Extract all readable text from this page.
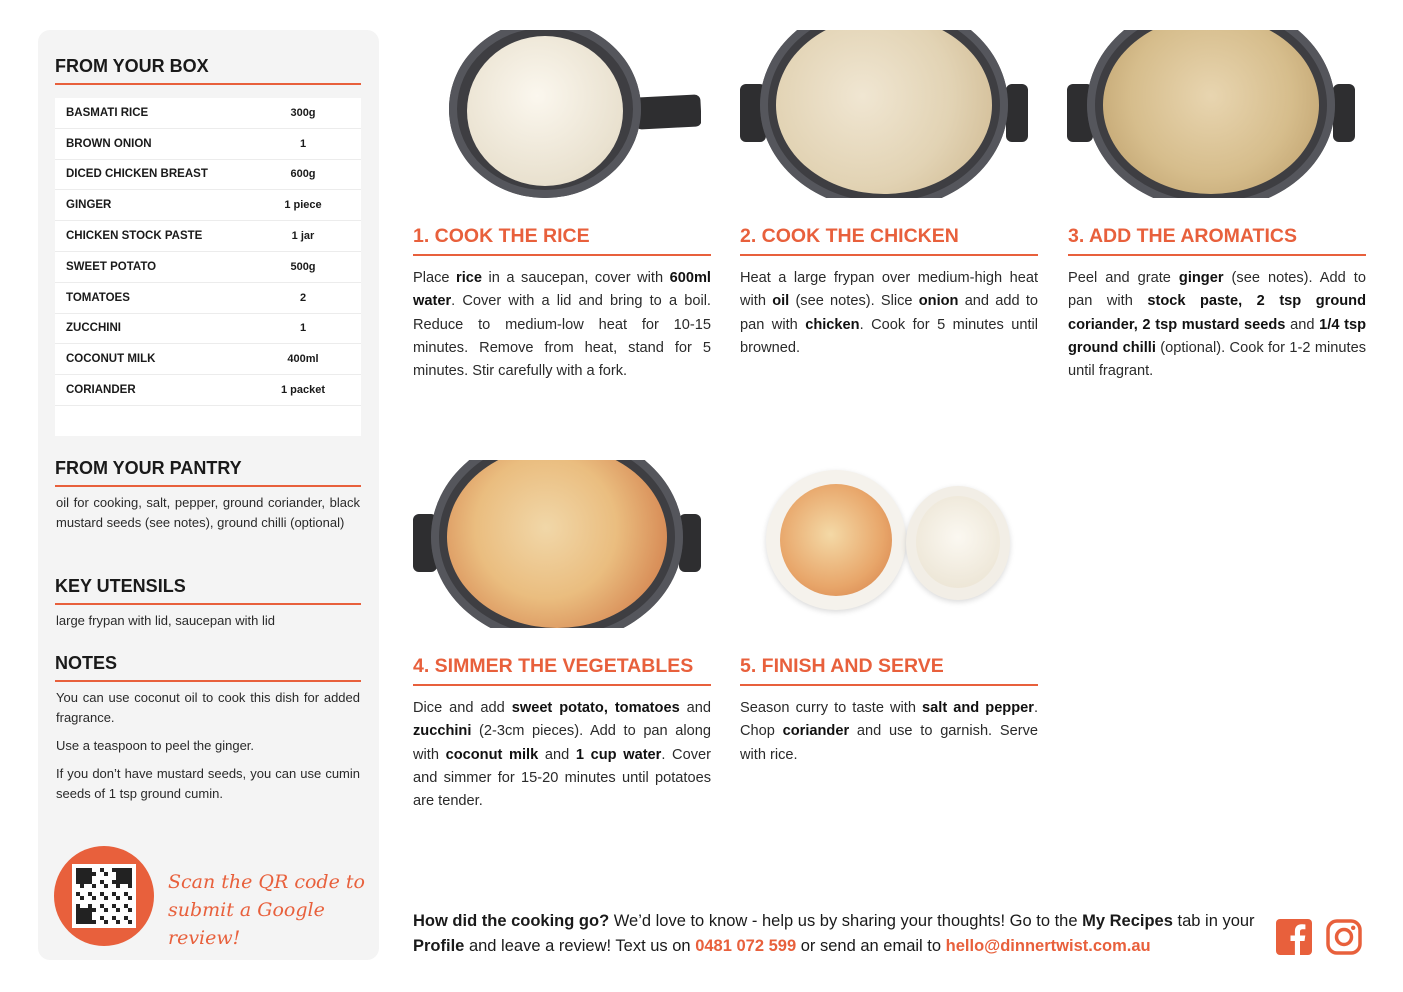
FROM YOUR BOX
BASMATI RICE	300g
BROWN ONION	1
DICED CHICKEN BREAST	600g
GINGER	1 piece
CHICKEN STOCK PASTE	1 jar
SWEET POTATO	500g
TOMATOES	2
ZUCCHINI	1
COCONUT MILK	400ml
CORIANDER	1 packet
FROM YOUR PANTRY
oil for cooking, salt, pepper, ground coriander, black mustard seeds (see notes), ground chilli (optional)
KEY UTENSILS
large frypan with lid, saucepan with lid
NOTES

You can use coconut oil to cook this dish for added fragrance.

Use a teaspoon to peel the ginger.

If you don’t have mustard seeds, you can use cumin seeds of 1 tsp ground cumin.

Scan the QR code to
submit a Google review!
1. COOK THE RICE
Place rice in a saucepan, cover with 600ml water. Cover with a lid and bring to a boil. Reduce to medium-low heat for 10-15 minutes. Remove from heat, stand for 5 minutes. Stir carefully with a fork.
2. COOK THE CHICKEN
Heat a large frypan over medium-high heat with oil (see notes). Slice onion and add to pan with chicken. Cook for 5 minutes until browned.
3. ADD THE AROMATICS
Peel and grate ginger (see notes). Add to pan with stock paste, 2 tsp ground coriander, 2 tsp mustard seeds and 1/4 tsp ground chilli (optional). Cook for 1-2 minutes until fragrant.
4. SIMMER THE VEGETABLES
Dice and add sweet potato, tomatoes and zucchini (2-3cm pieces). Add to pan along with coconut milk and 1 cup water. Cover and simmer for 15-20 minutes until potatoes are tender.
5. FINISH AND SERVE
Season curry to taste with salt and pepper. Chop coriander and use to garnish. Serve with rice.
How did the cooking go? We’d love to know - help us by sharing your thoughts! Go to the My Recipes tab in your Profile and leave a review! Text us on 0481 072 599 or send an email to hello@dinnertwist.com.au
